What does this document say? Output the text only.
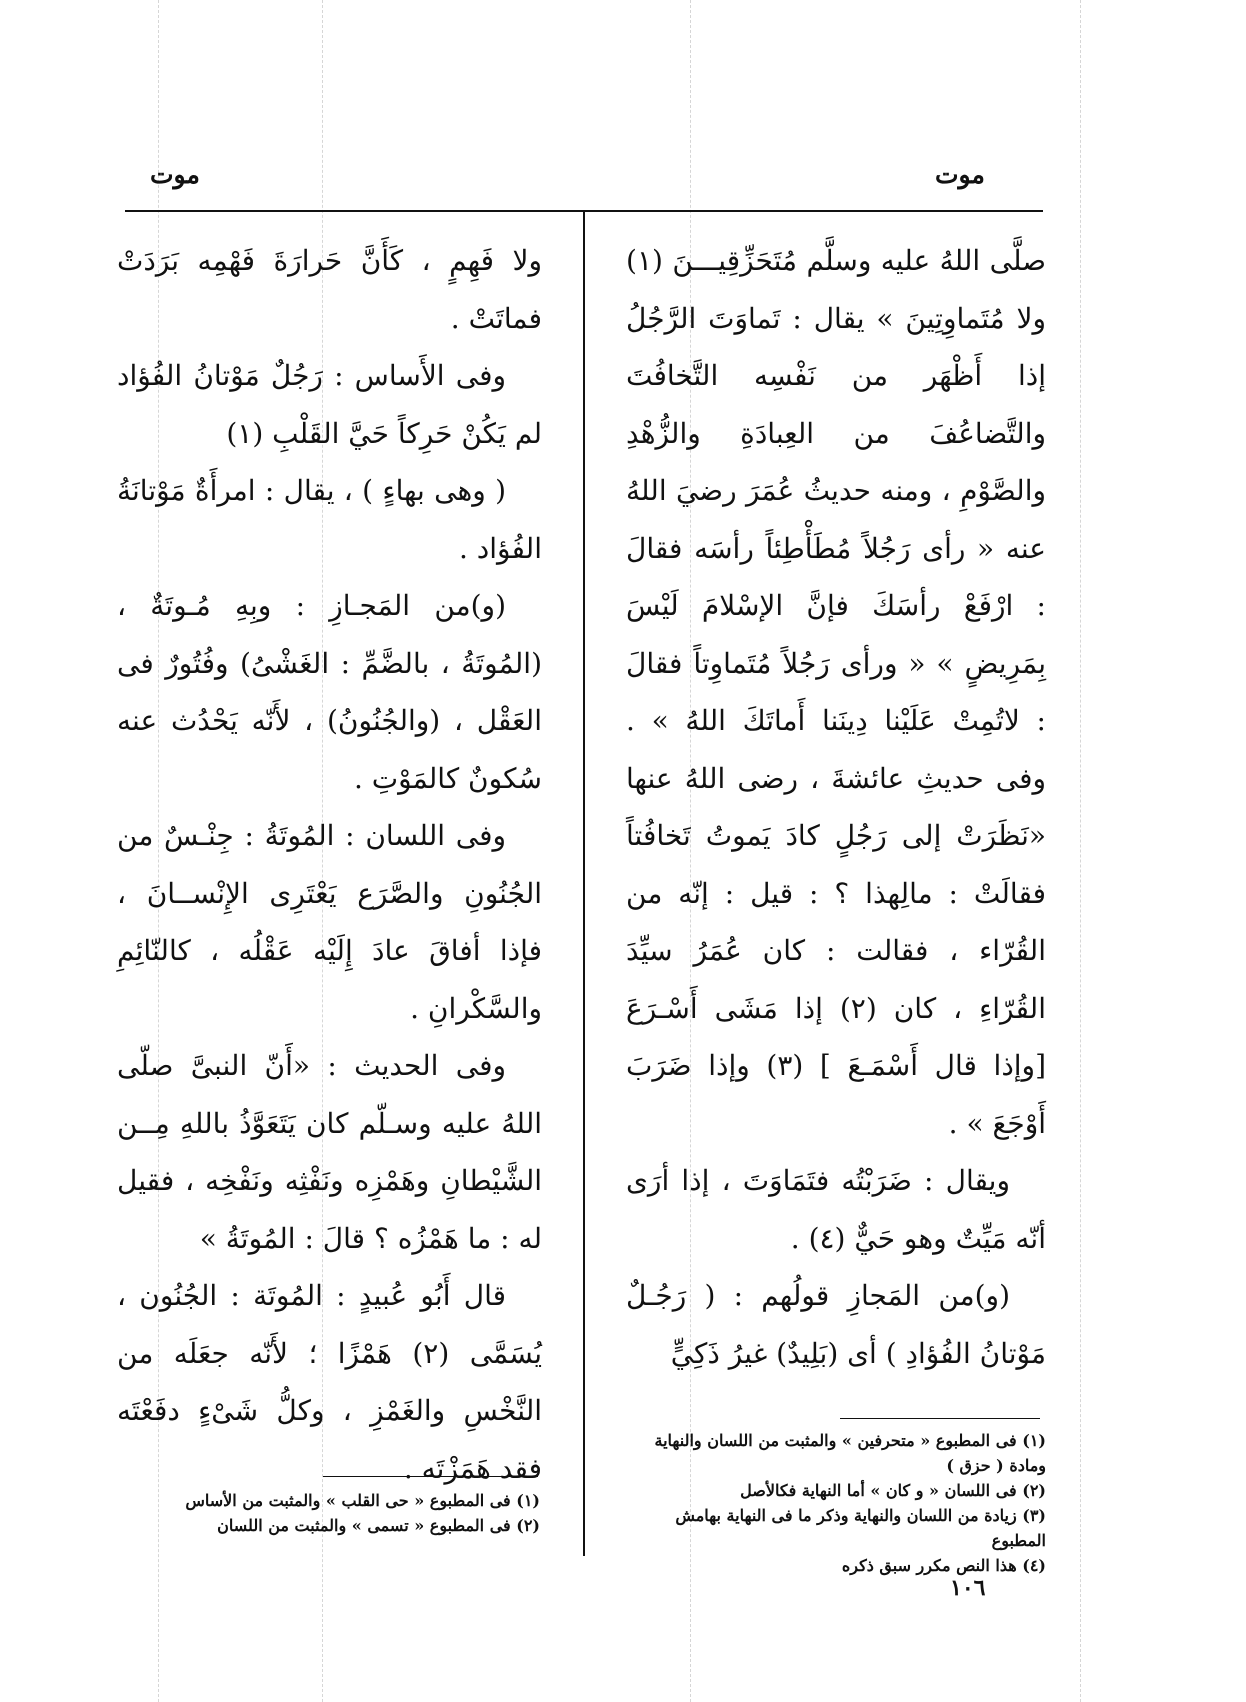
موت
موت

صلَّى اللهُ عليه وسلَّم مُتَحَزِّقِيـــنَ (١) ولا مُتَماوِتِينَ » يقال : تَماوَتَ الرَّجُلُ إذا أَظْهَر من نَفْسِه التَّخافُتَ والتَّضاعُفَ من العِبادَةِ والزُّهْدِ والصَّوْمِ ، ومنه حديثُ عُمَرَ رضيَ اللهُ عنه « رأى رَجُلاً مُطَأْطِئاً رأسَه فقالَ : ارْفَعْ رأسَكَ فإنَّ الإسْلامَ لَيْسَ بِمَرِيضٍ » « ورأى رَجُلاً مُتَماوِتاً فقالَ : لاتُمِتْ عَلَيْنا دِينَنا أَماتَكَ اللهُ » . وفى حديثِ عائشةَ ، رضى اللهُ عنها «نَظَرَتْ إلى رَجُلٍ كادَ يَموتُ تَخافُتاً فقالَتْ : مالِهذا ؟ : قيل : إنّه من القُرّاء ، فقالت : كان عُمَرُ سيِّدَ القُرّاءِ ، كان (٢) إذا مَشَى أَسْـرَعَ [وإذا قال أَسْمَـعَ ] (٣) وإذا ضَرَبَ أَوْجَعَ » .

ويقال : ضَرَبْتُه فتَمَاوَتَ ، إذا أرَى أنّه مَيِّتٌ وهو حَيٌّ (٤) .

(و)من المَجازِ قولُهم : ( رَجُـلٌ مَوْتانُ الفُؤادِ ) أى (بَلِيدٌ) غيرُ ذَكِيٍّ

ولا فَهِمٍ ، كَأَنَّ حَرارَةَ فَهْمِه بَرَدَتْ فماتَتْ .

وفى الأَساس : رَجُلٌ مَوْتانُ الفُؤاد لم يَكُنْ حَرِكاً حَيَّ القَلْبِ (١)

( وهى بهاءٍ ) ، يقال : امرأَةٌ مَوْتانَةُ الفُؤاد .

(و)من المَجـازِ : وبِهِ مُـوتَةٌ ، (المُوتَةُ ، بالضَّمِّ : الغَشْىُ) وفُتُورٌ فى العَقْل ، (والجُنُونُ) ، لأَنّه يَحْدُث عنه سُكونٌ كالمَوْتِ .

وفى اللسان : المُوتَةُ : جِنْـسٌ من الجُنُونِ والصَّرَع يَعْتَرِى الإِنْســانَ ، فإذا أفاقَ عادَ إِلَيْه عَقْلُه ، كالنّائِمِ والسَّكْرانِ .

وفى الحديث : «أَنّ النبىَّ صلّى اللهُ عليه وسـلّم كان يَتَعَوَّذُ باللهِ مِــن الشَّيْطانِ وهَمْزِه ونَفْثِه ونَفْخِه ، فقيل له : ما هَمْزُه ؟ قالَ : المُوتَةُ »

قال أَبُو عُبيدٍ : المُوتَة : الجُنُون ، يُسَمَّى (٢) هَمْزًا ؛ لأَنّه جعَلَه من النَّخْسِ والغَمْزِ ، وكلُّ شَىْءٍ دفَعْتَه فقد هَمَزْتَه .

(١) فى المطبوع « متحرفين » والمثبت من اللسان والنهاية ومادة ( حزق )
(٢) فى اللسان « و كان » أما النهاية فكالأصل
(٣) زيادة من اللسان والنهاية وذكر ما فى النهاية بهامش المطبوع
(٤) هذا النص مكرر سبق ذكره
(١) فى المطبوع « حى القلب » والمثبت من الأساس
(٢) فى المطبوع « تسمى » والمثبت من اللسان
١٠٦
